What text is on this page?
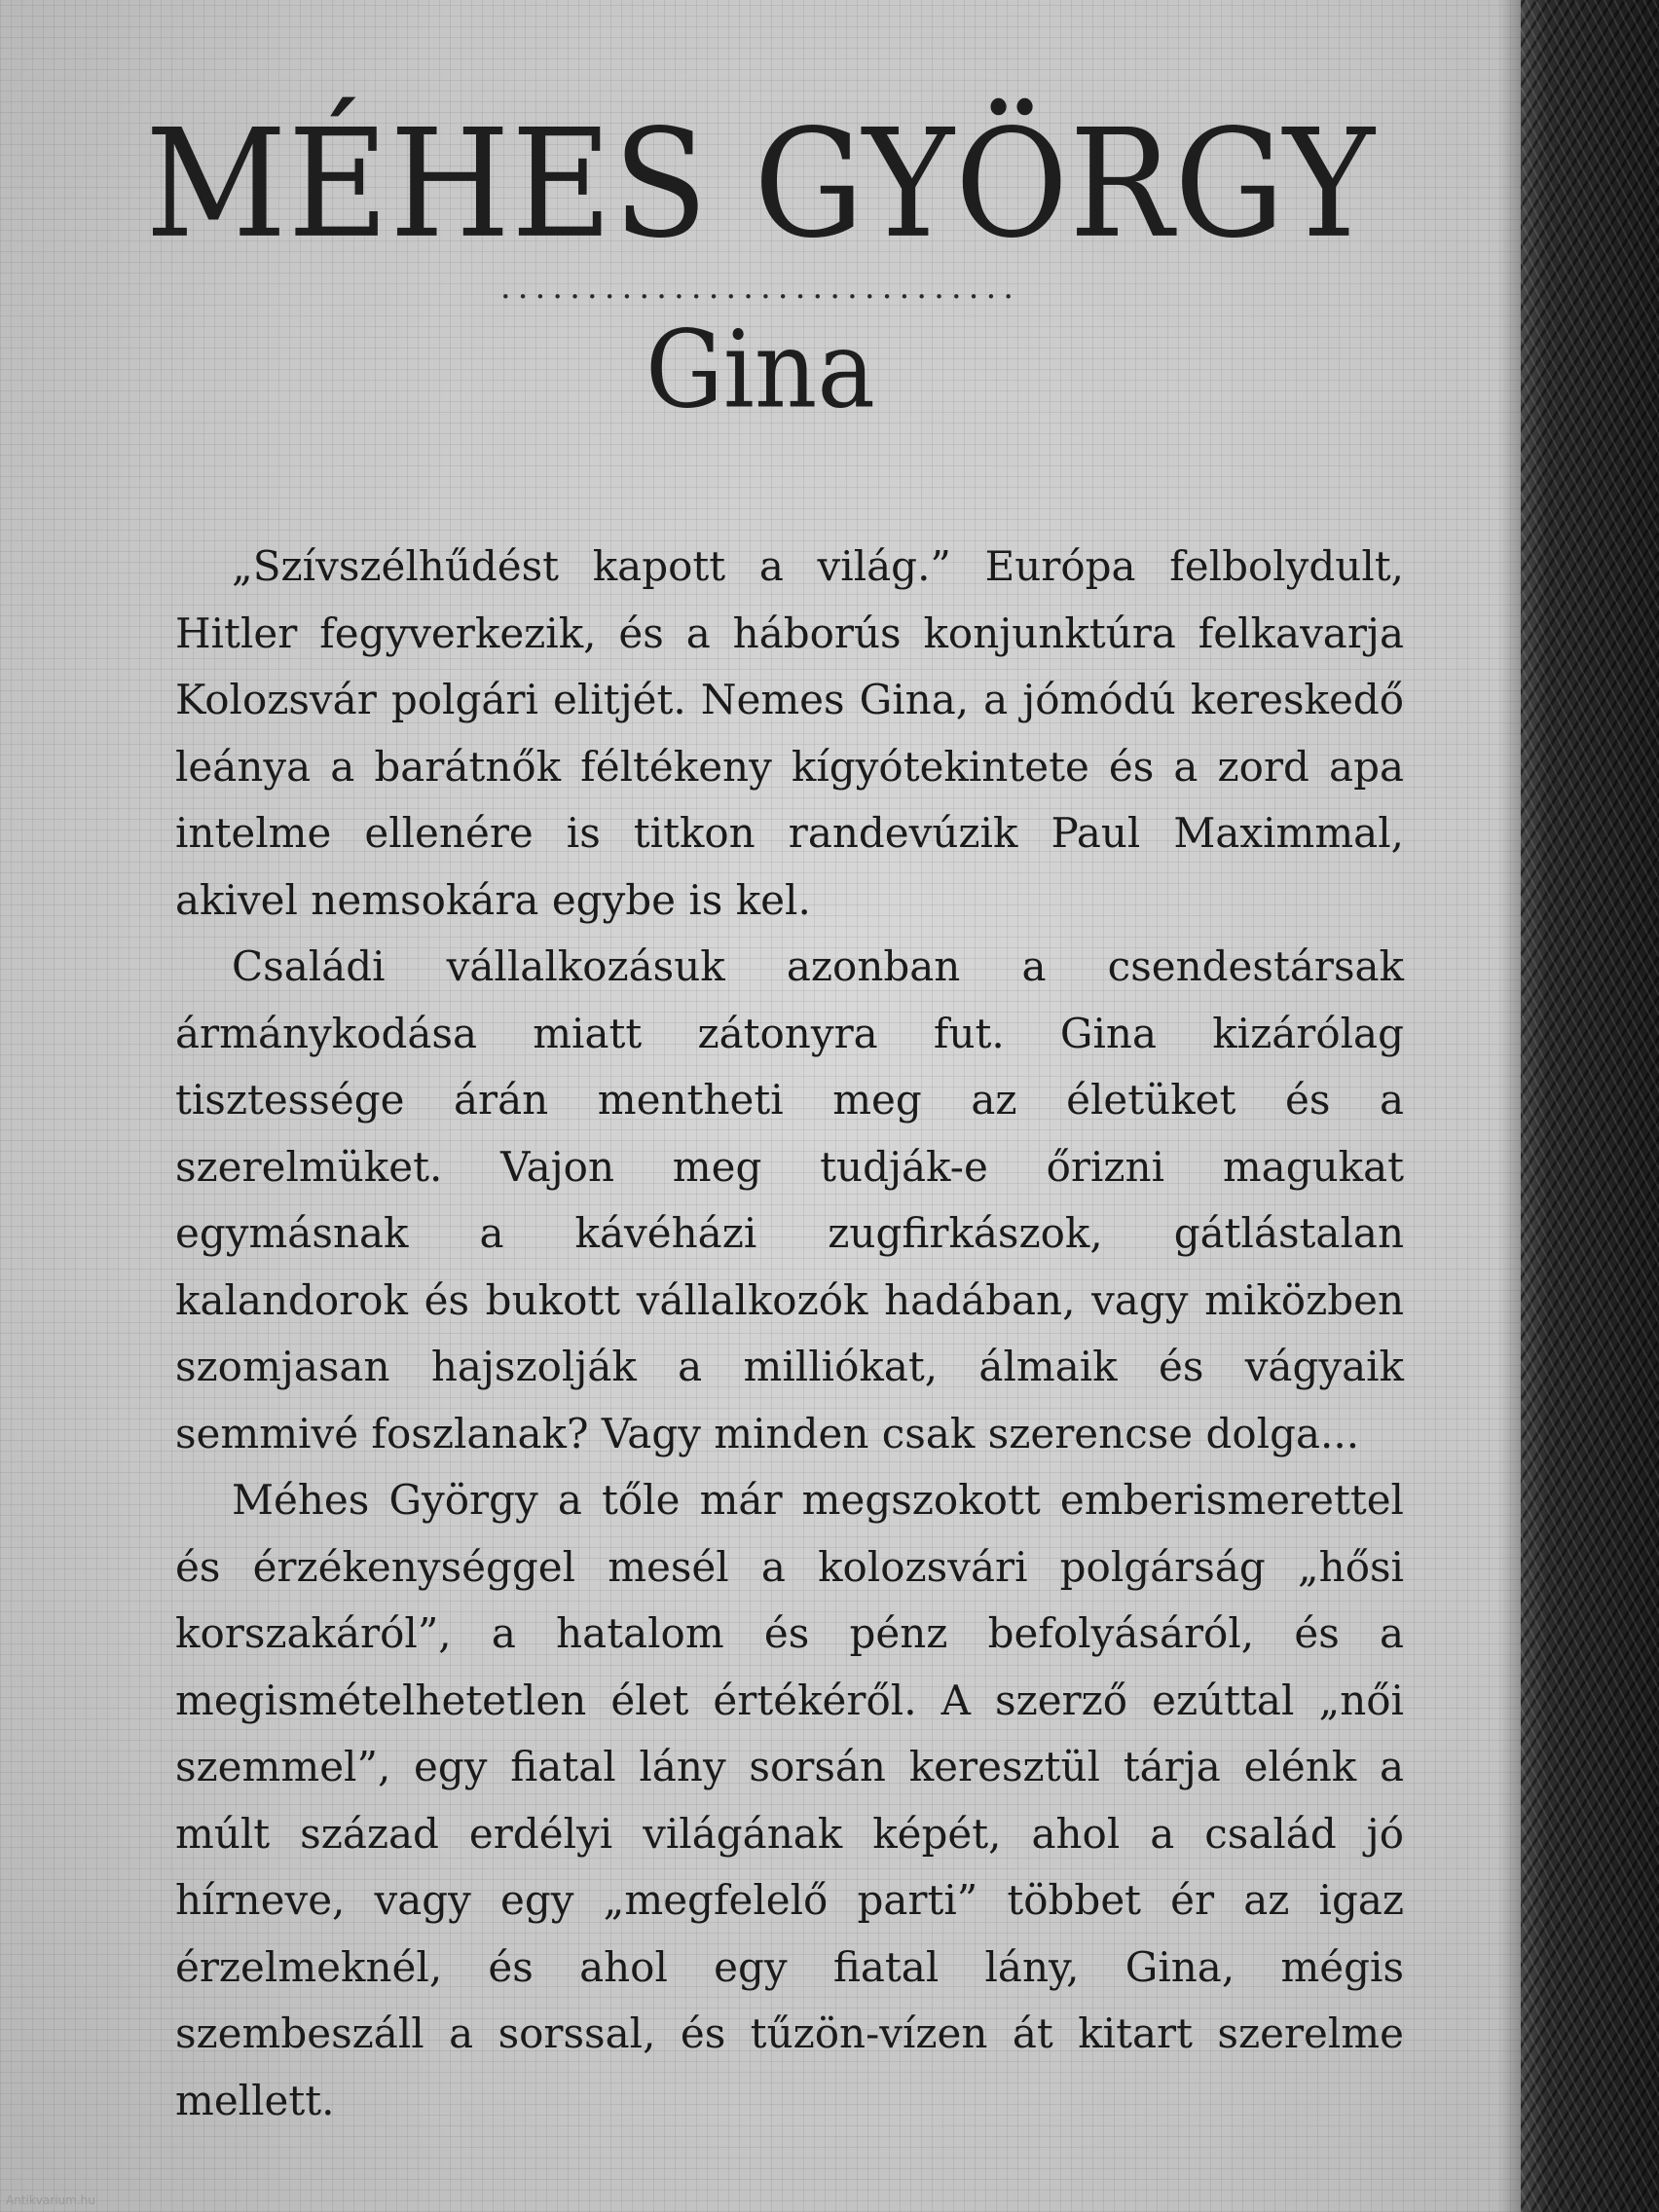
MÉHES GYÖRGY
..............................
Gina

„Szívszélhűdést kapott a világ.” Európa felbolydult, Hitler fegyverkezik, és a háborús konjunktúra felkavarja Kolozsvár polgári elitjét. Nemes Gina, a jómódú kereskedő leánya a barátnők féltékeny kígyótekintete és a zord apa intelme ellenére is titkon randevúzik Paul Maximmal, akivel nemsokára egybe is kel.

Családi vállalkozásuk azonban a csendestársak ármánykodása miatt zátonyra fut. Gina kizárólag tisztessége árán mentheti meg az életüket és a szerelmüket. Vajon meg tudják-e őrizni magukat egymásnak a kávéházi zugfirkászok, gátlástalan kalandorok és bukott vállalkozók hadában, vagy miközben szomjasan hajszolják a milliókat, álmaik és vágyaik semmivé foszlanak? Vagy minden csak szerencse dolga...

Méhes György a tőle már megszokott emberismerettel és érzékenységgel mesél a kolozsvári polgárság „hősi korszakáról”, a hatalom és pénz befolyásáról, és a megismételhetetlen élet értékéről. A szerző ezúttal „női szemmel”, egy fiatal lány sorsán keresztül tárja elénk a múlt század erdélyi világának képét, ahol a család jó hírneve, vagy egy „megfelelő parti” többet ér az igaz érzelmeknél, és ahol egy fiatal lány, Gina, mégis szembeszáll a sorssal, és tűzön-vízen át kitart szerelme mellett.

Antikvarium.hu
